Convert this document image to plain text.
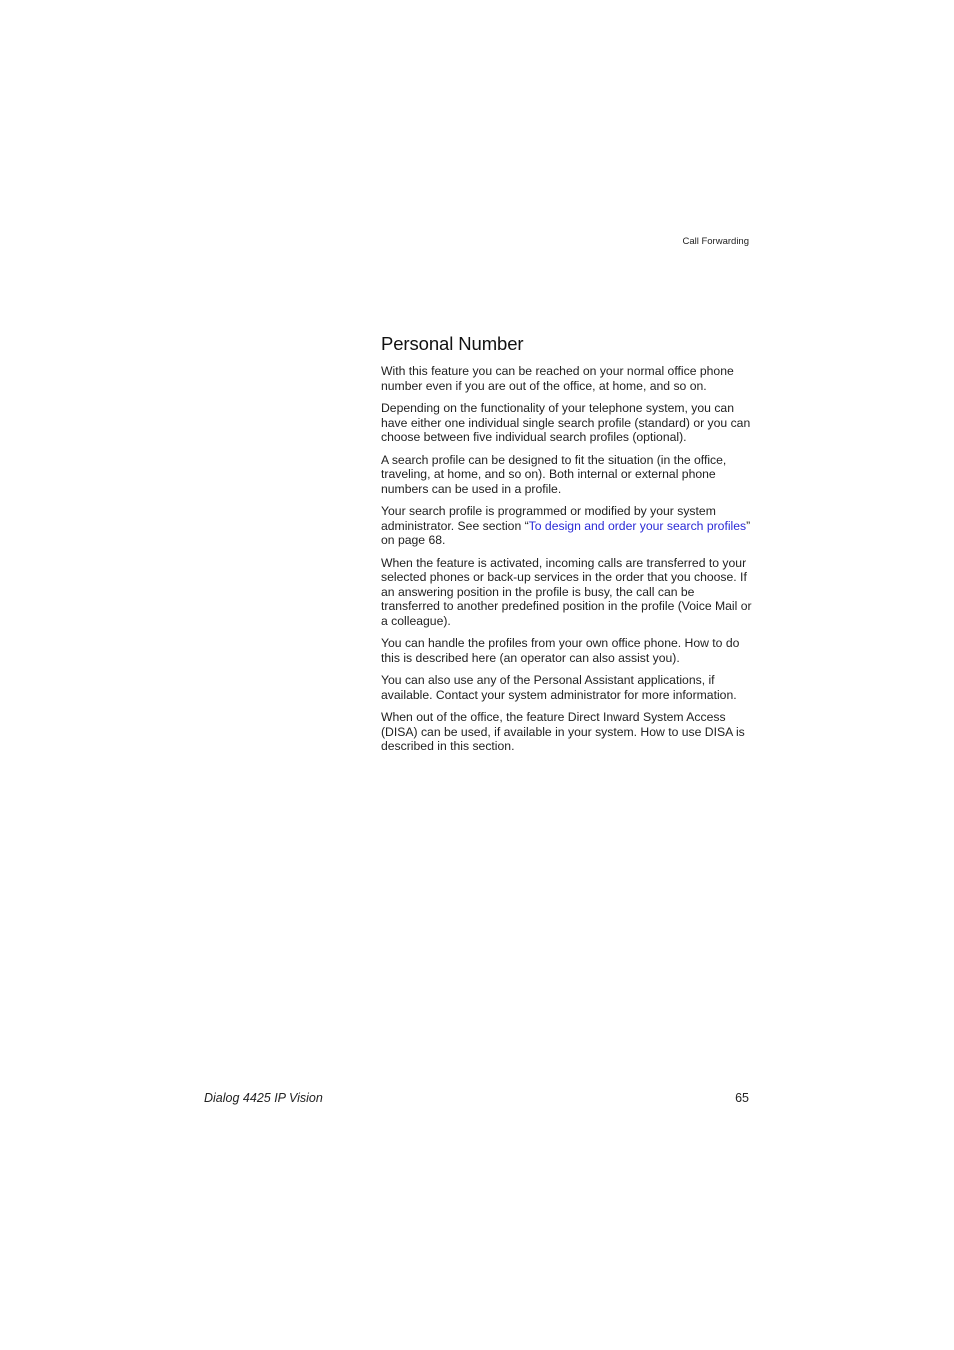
Call Forwarding
Personal Number

With this feature you can be reached on your normal office phone number even if you are out of the office, at home, and so on.

Depending on the functionality of your telephone system, you can have either one individual single search profile (standard) or you can choose between five individual search profiles (optional).

A search profile can be designed to fit the situation (in the office, traveling, at home, and so on). Both internal or external phone numbers can be used in a profile.

Your search profile is programmed or modified by your system administrator. See section “To design and order your search profiles” on page 68.

When the feature is activated, incoming calls are transferred to your selected phones or back-up services in the order that you choose. If an answering position in the profile is busy, the call can be transferred to another predefined position in the profile (Voice Mail or a colleague).

You can handle the profiles from your own office phone. How to do this is described here (an operator can also assist you).

You can also use any of the Personal Assistant applications, if available. Contact your system administrator for more information.

When out of the office, the feature Direct Inward System Access (DISA) can be used, if available in your system. How to use DISA is described in this section.

Dialog 4425 IP Vision	65
